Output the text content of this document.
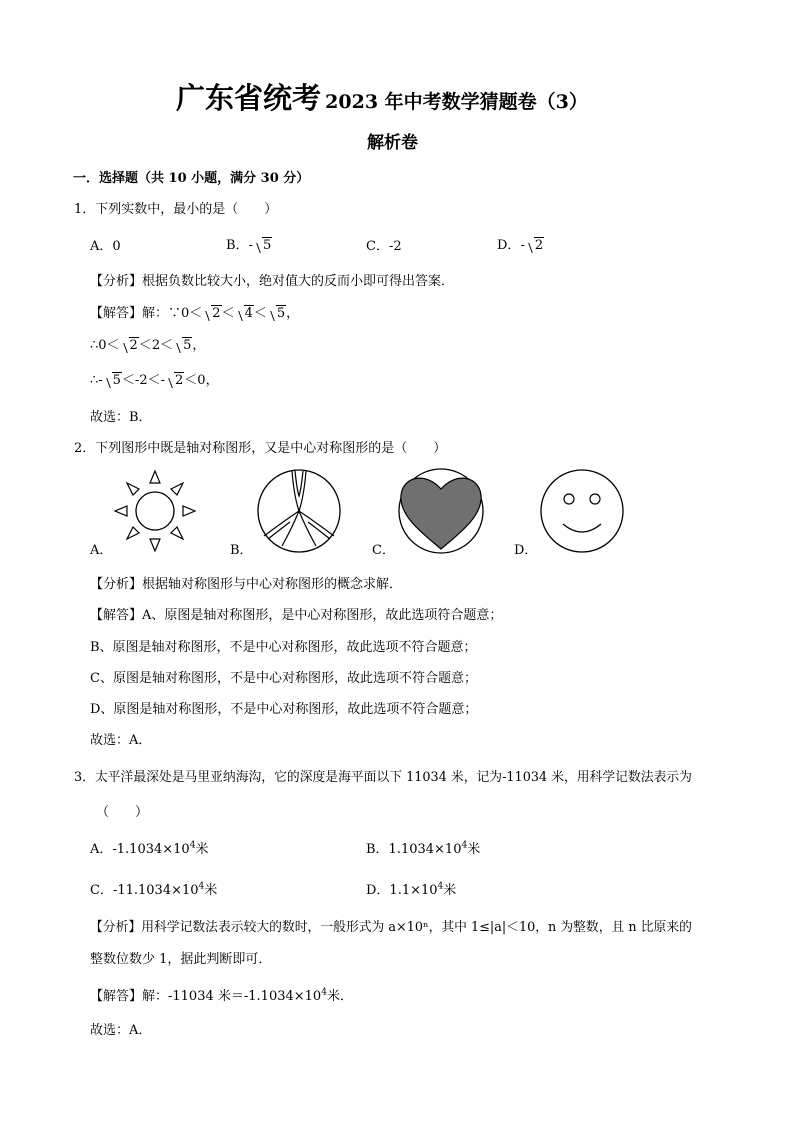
广东省统考 2023 年中考数学猜题卷（3）
解析卷
一．选择题（共 10 小题，满分 30 分）
1．下列实数中，最小的是（　　）
A．0	B．- 5	C．-2	D．- 2
【分析】根据负数比较大小，绝对值大的反而小即可得出答案．
【解答】解：∵0＜ 2＜ 4＜ 5，
∴0＜ 2＜2＜ 5，
∴- 5＜-2＜- 2＜0，
故选：B．
2．下列图形中既是轴对称图形，又是中心对称图形的是（　　）
A．	B．	C．	D．
【分析】根据轴对称图形与中心对称图形的概念求解．
【解答】A、原图是轴对称图形，是中心对称图形，故此选项符合题意；
B、原图是轴对称图形，不是中心对称图形，故此选项不符合题意；
C、原图是轴对称图形，不是中心对称图形，故此选项不符合题意；
D、原图是轴对称图形，不是中心对称图形，故此选项不符合题意；
故选：A．
3．太平洋最深处是马里亚纳海沟，它的深度是海平面以下 11034 米，记为-11034 米，用科学记数法表示为
（　　）
A．$-1.1034\times 10^4$米	B．$1.1034\times 10^4$米
C．$-11.1034\times 10^4$米	D．$1.1\times 10^4$米
【分析】用科学记数法表示较大的数时，一般形式为 a×10ⁿ，其中 1≤|a|＜10，n 为整数，且 n 比原来的
整数位数少 1，据此判断即可．
【解答】解：-11034 米$=-1.1034\times 10^4$米．
故选：A．
